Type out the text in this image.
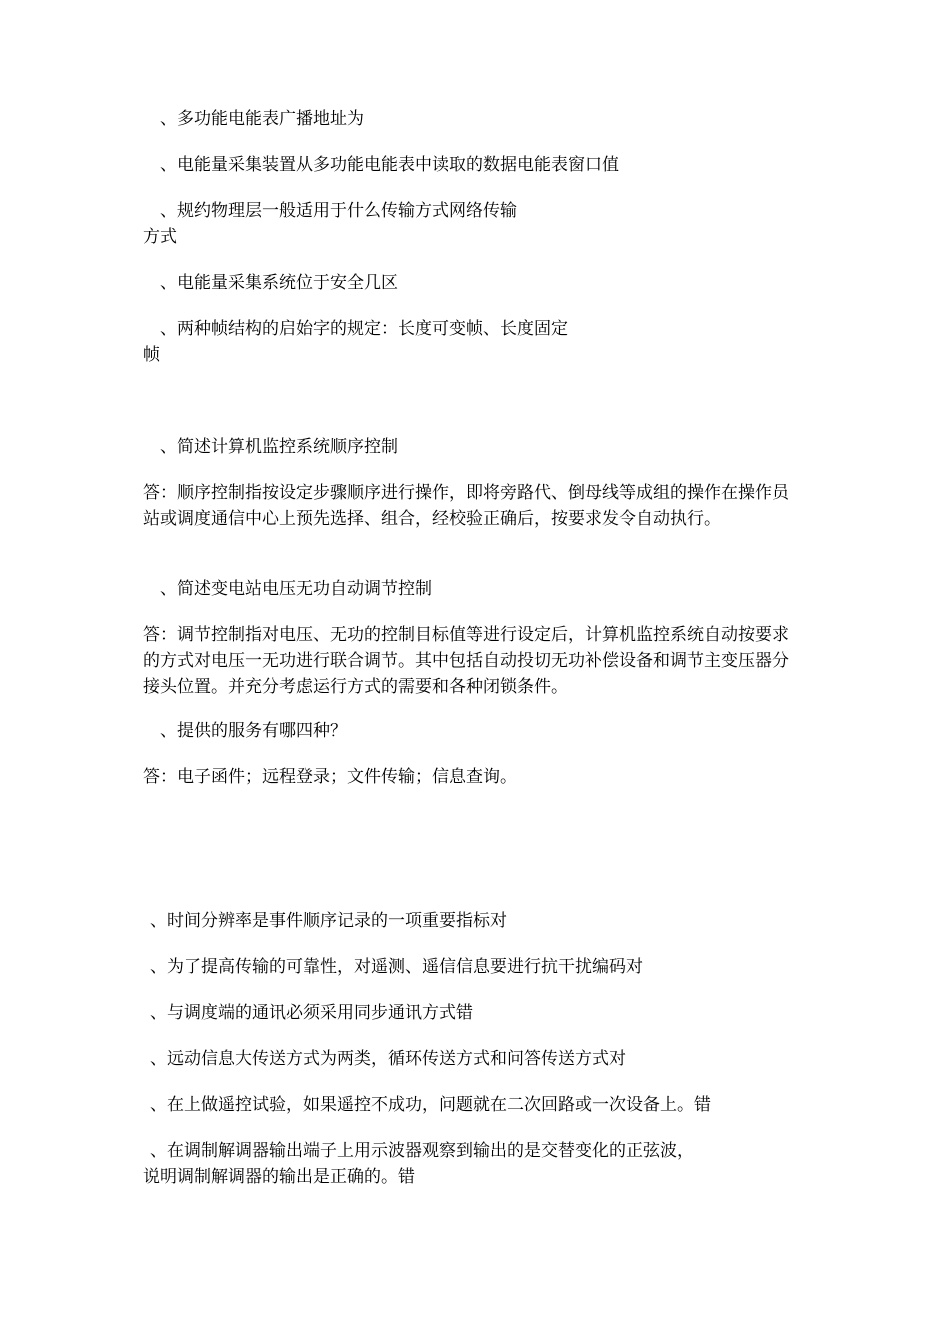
、多功能电能表广播地址为

、电能量采集装置从多功能电能表中读取的数据电能表窗口值

、规约物理层一般适用于什么传输方式网络传输

方式

、电能量采集系统位于安全几区

、两种帧结构的启始字的规定：长度可变帧、长度固定

帧

、简述计算机监控系统顺序控制

答：顺序控制指按设定步骤顺序进行操作，即将旁路代、倒母线等成组的操作在操作员站或调度通信中心上预先选择、组合，经校验正确后，按要求发令自动执行。

、简述变电站电压无功自动调节控制

答：调节控制指对电压、无功的控制目标值等进行设定后，计算机监控系统自动按要求的方式对电压一无功进行联合调节。其中包括自动投切无功补偿设备和调节主变压器分接头位置。并充分考虑运行方式的需要和各种闭锁条件。

、提供的服务有哪四种？

答：电子函件；远程登录；文件传输；信息查询。

、时间分辨率是事件顺序记录的一项重要指标对

、为了提高传输的可靠性，对遥测、遥信信息要进行抗干扰编码对

、与调度端的通讯必须采用同步通讯方式错

、远动信息大传送方式为两类，循环传送方式和问答传送方式对

、在上做遥控试验，如果遥控不成功，问题就在二次回路或一次设备上。错

、在调制解调器输出端子上用示波器观察到输出的是交替变化的正弦波，

说明调制解调器的输出是正确的。错
